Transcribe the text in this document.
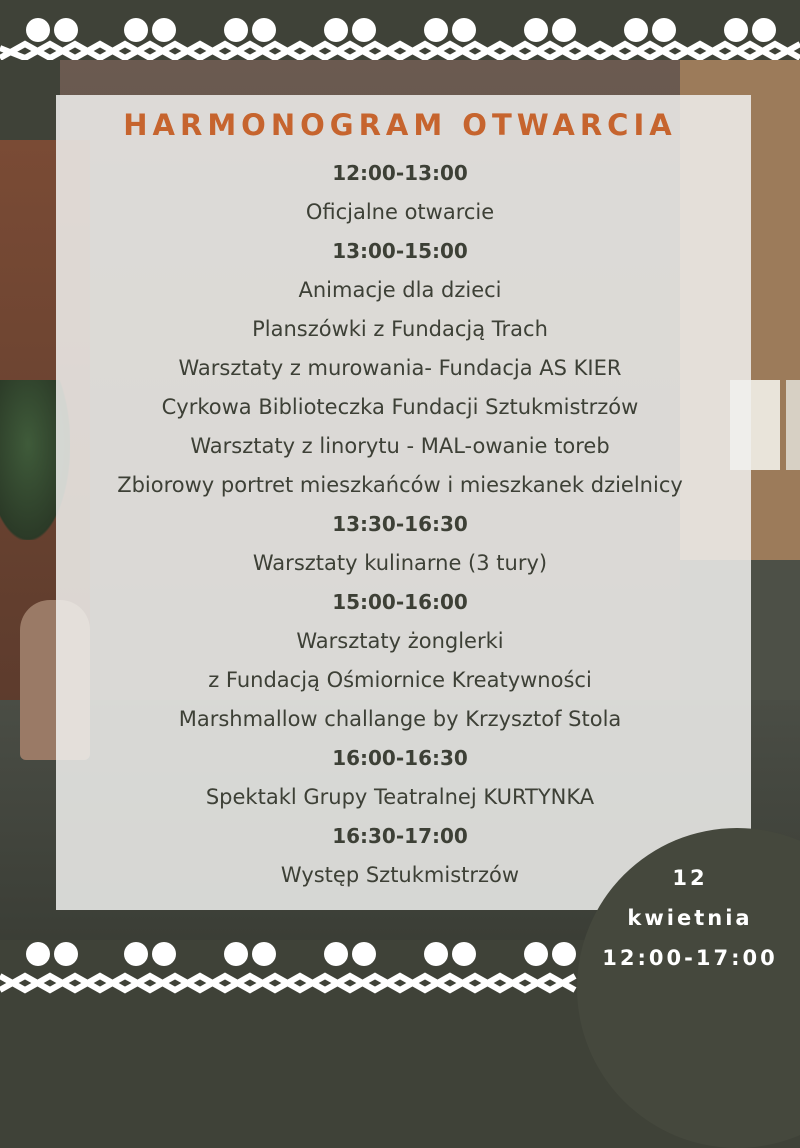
HARMONOGRAM OTWARCIA
12:00-13:00
Oficjalne otwarcie
13:00-15:00
Animacje dla dzieci
Planszówki z Fundacją Trach
Warsztaty z murowania- Fundacja AS KIER
Cyrkowa Biblioteczka Fundacji Sztukmistrzów
Warsztaty z linorytu - MAL-owanie toreb
Zbiorowy portret mieszkańców i mieszkanek dzielnicy
13:30-16:30
Warsztaty kulinarne (3 tury)
15:00-16:00
Warsztaty żonglerki
z Fundacją Ośmiornice Kreatywności
Marshmallow challange by Krzysztof Stola
16:00-16:30
Spektakl Grupy Teatralnej KURTYNKA
16:30-17:00
Występ Sztukmistrzów	12
kwietnia
12:00-17:00
